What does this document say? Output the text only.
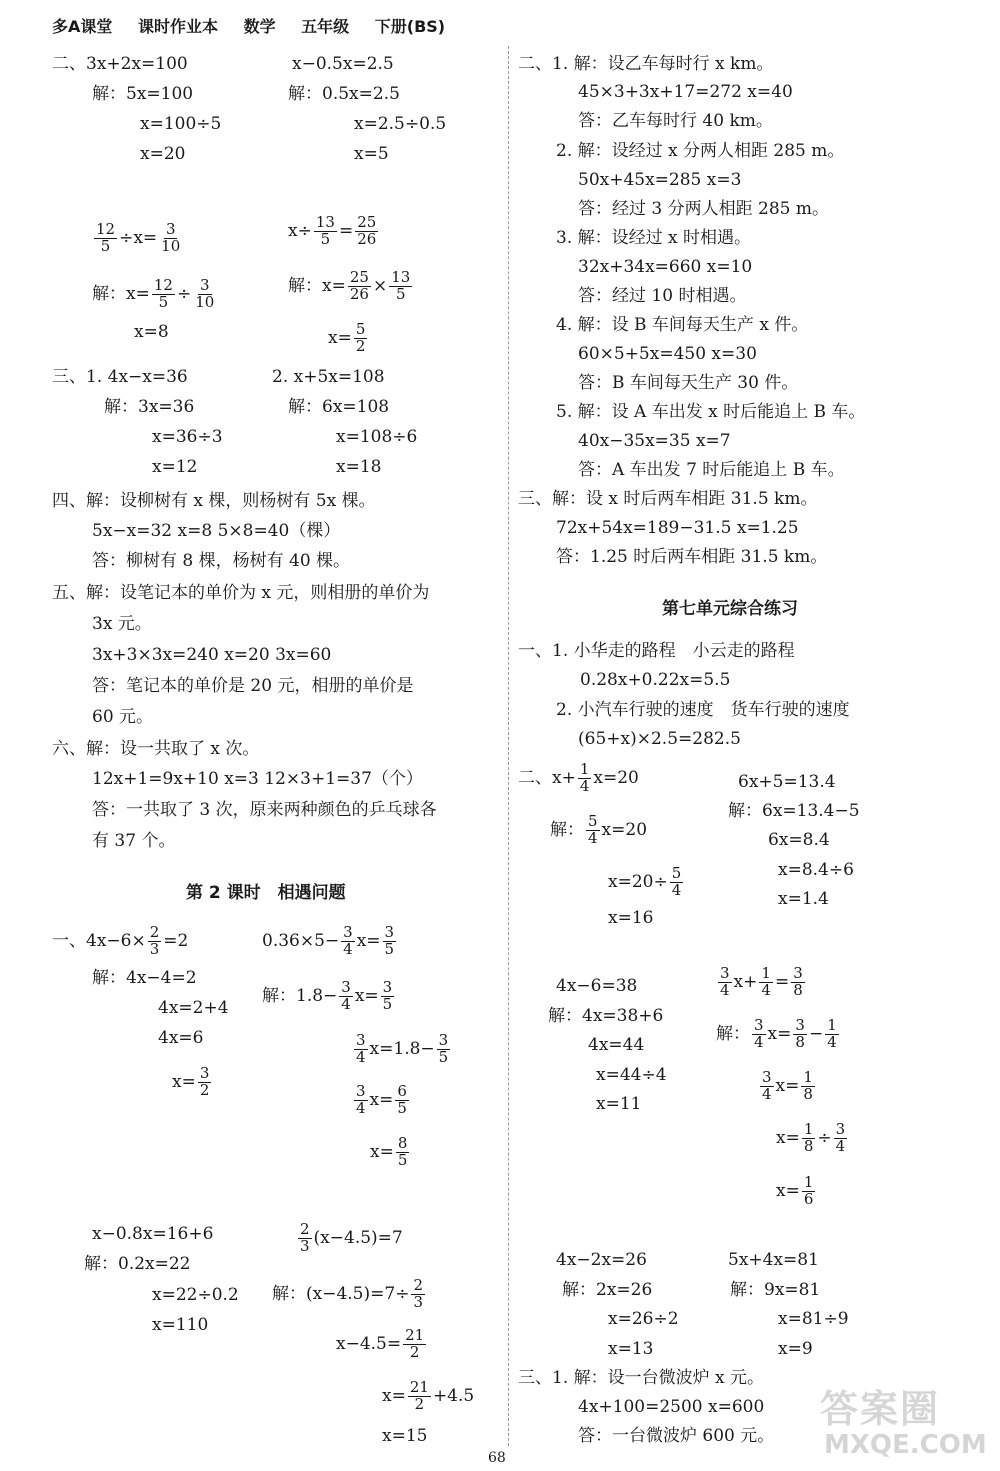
多A课堂 课时作业本 数学 五年级 下册(BS)
二、3x+2x=100
解：5x=100
x=100÷5
x=20
x−0.5x=2.5
解：0.5x=2.5
x=2.5÷0.5
x=5
$\frac{12}{5} \div x= \frac{3}{10}$
解：$x= \frac{12}{5} \div \frac{3}{10}$
x=8
$x\div \frac{13}{5} = \frac{25}{26}$
解：$x= \frac{25}{26} \times \frac{13}{5}$
$x= \frac{5}{2}$
三、1. 4x−x=36
解：3x=36
x=36÷3
x=12
2. x+5x=108
解：6x=108
x=108÷6
x=18
四、解：设柳树有 x 棵，则杨树有 5x 棵。
5x−x=32 x=8 5×8=40（棵）
答：柳树有 8 棵，杨树有 40 棵。
五、解：设笔记本的单价为 x 元，则相册的单价为
3x 元。
3x+3×3x=240 x=20 3x=60
答：笔记本的单价是 20 元，相册的单价是
60 元。
六、解：设一共取了 x 次。
12x+1=9x+10 x=3 12×3+1=37（个）
答：一共取了 3 次，原来两种颜色的乒乓球各
有 37 个。
第 2 课时　相遇问题
一、$4x-6\times \frac{2}{3} =2$
解：4x−4=2
4x=2+4
4x=6
$x= \frac{3}{2}$
$0.36\times 5- \frac{3}{4} x= \frac{3}{5}$
解：$1.8- \frac{3}{4} x= \frac{3}{5}$
$\frac{3}{4} x=1.8- \frac{3}{5}$
$\frac{3}{4} x= \frac{6}{5}$
$x= \frac{8}{5}$
x−0.8x=16+6
解：0.2x=22
x=22÷0.2
x=110
$\frac{2}{3} (x-4.5)=7$
解：$(x-4.5)=7\div \frac{2}{3}$
$x-4.5= \frac{21}{2}$
$x= \frac{21}{2} +4.5$
x=15
二、1. 解：设乙车每时行 x km。
45×3+3x+17=272 x=40
答：乙车每时行 40 km。
2. 解：设经过 x 分两人相距 285 m。
50x+45x=285 x=3
答：经过 3 分两人相距 285 m。
3. 解：设经过 x 时相遇。
32x+34x=660 x=10
答：经过 10 时相遇。
4. 解：设 B 车间每天生产 x 件。
60×5+5x=450 x=30
答：B 车间每天生产 30 件。
5. 解：设 A 车出发 x 时后能追上 B 车。
40x−35x=35 x=7
答：A 车出发 7 时后能追上 B 车。
三、解：设 x 时后两车相距 31.5 km。
72x+54x=189−31.5 x=1.25
答：1.25 时后两车相距 31.5 km。
第七单元综合练习
一、1. 小华走的路程　小云走的路程
0.28x+0.22x=5.5
2. 小汽车行驶的速度　货车行驶的速度
(65+x)×2.5=282.5
二、$x+ \frac{1}{4} x=20$
解： $\frac{5}{4} x=20$
$x=20\div \frac{5}{4}$
x=16
6x+5=13.4
解：6x=13.4−5
6x=8.4
x=8.4÷6
x=1.4
4x−6=38
解：4x=38+6
4x=44
x=44÷4
x=11
$\frac{3}{4} x+ \frac{1}{4} = \frac{3}{8}$
解： $\frac{3}{4} x= \frac{3}{8} - \frac{1}{4}$
$\frac{3}{4} x= \frac{1}{8}$
$x= \frac{1}{8} \div \frac{3}{4}$
$x= \frac{1}{6}$
4x−2x=26
解：2x=26
x=26÷2
x=13
5x+4x=81
解：9x=81
x=81÷9
x=9
三、1. 解：设一台微波炉 x 元。
4x+100=2500 x=600
答：一台微波炉 600 元。
68
答案圈
MXQE.COM
